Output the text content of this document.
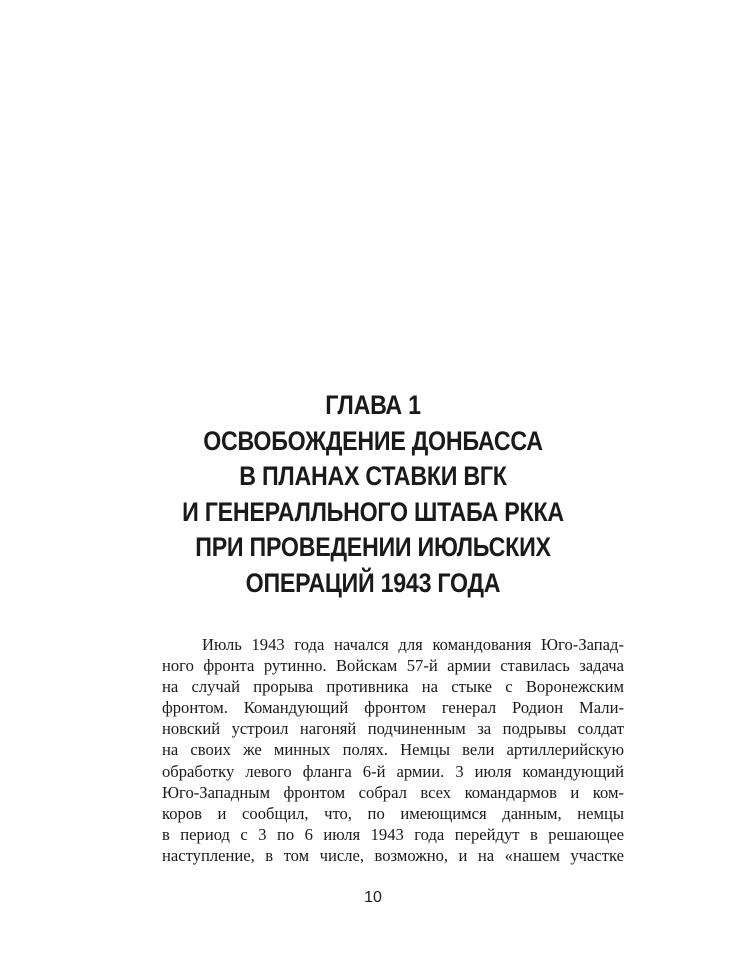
ГЛАВА 1
ОСВОБОЖДЕНИЕ ДОНБАССА
В ПЛАНАХ СТАВКИ ВГК
И ГЕНЕРАЛЛЬНОГО ШТАБА РККА
ПРИ ПРОВЕДЕНИИ ИЮЛЬСКИХ
ОПЕРАЦИЙ 1943 ГОДА
Июль 1943 года начался для командования Юго-Запад-
ного фронта рутинно. Войскам 57-й армии ставилась задача
на случай прорыва противника на стыке с Воронежским
фронтом. Командующий фронтом генерал Родион Мали-
новский устроил нагоняй подчиненным за подрывы солдат
на своих же минных полях. Немцы вели артиллерийскую
обработку левого фланга 6-й армии. 3 июля командующий
Юго-Западным фронтом собрал всех командармов и ком-
коров и сообщил, что, по имеющимся данным, немцы
в период с 3 по 6 июля 1943 года перейдут в решающее
наступление, в том числе, возможно, и на «нашем участке
10
